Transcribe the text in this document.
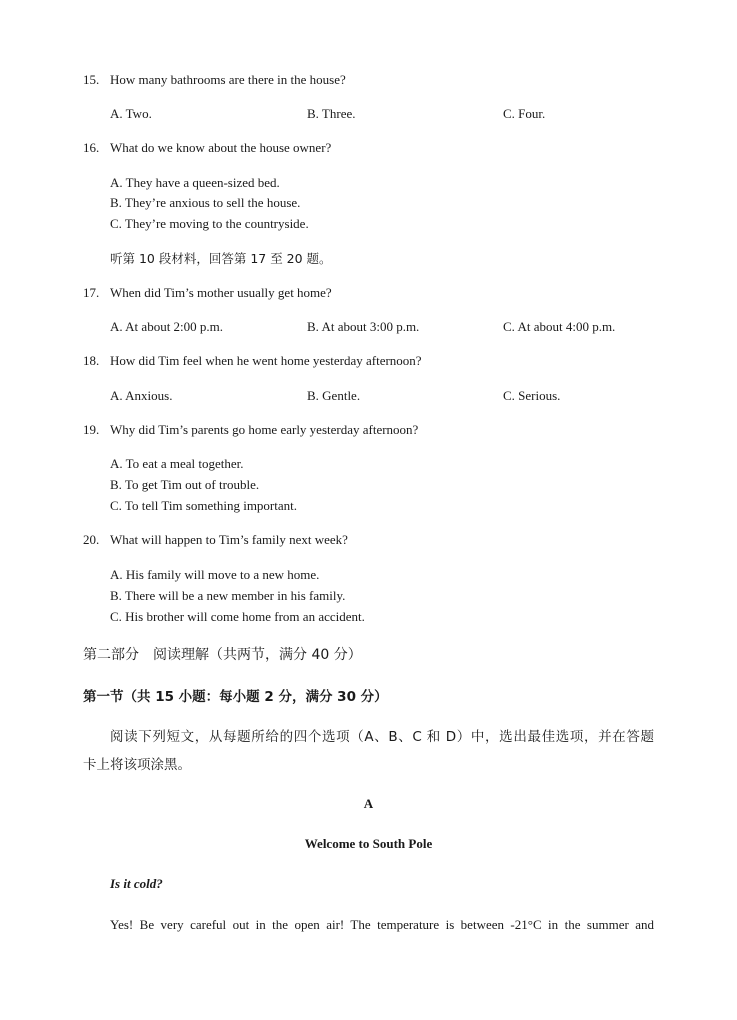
15. How many bathrooms are there in the house?
A. Two.	B. Three.	C. Four.
16. What do we know about the house owner?
A. They have a queen-sized bed.
B. They’re anxious to sell the house.
C. They’re moving to the countryside.
听第 10 段材料，回答第 17 至 20 题。
17. When did Tim’s mother usually get home?
A. At about 2:00 p.m.	B. At about 3:00 p.m.	C. At about 4:00 p.m.
18. How did Tim feel when he went home yesterday afternoon?
A. Anxious.	B. Gentle.	C. Serious.
19. Why did Tim’s parents go home early yesterday afternoon?
A. To eat a meal together.
B. To get Tim out of trouble.
C. To tell Tim something important.
20. What will happen to Tim’s family next week?
A. His family will move to a new home.
B. There will be a new member in his family.
C. His brother will come home from an accident.
第二部分　阅读理解（共两节，满分 40 分）
第一节（共 15 小题：每小题 2 分，满分 30 分）
阅读下列短文，从每题所给的四个选项（A、B、C 和 D）中，选出最佳选项，并在答题
卡上将该项涂黑。
A
Welcome to South Pole
Is it cold?
Yes! Be very careful out in the open air! The temperature is between -21°C in the summer and
